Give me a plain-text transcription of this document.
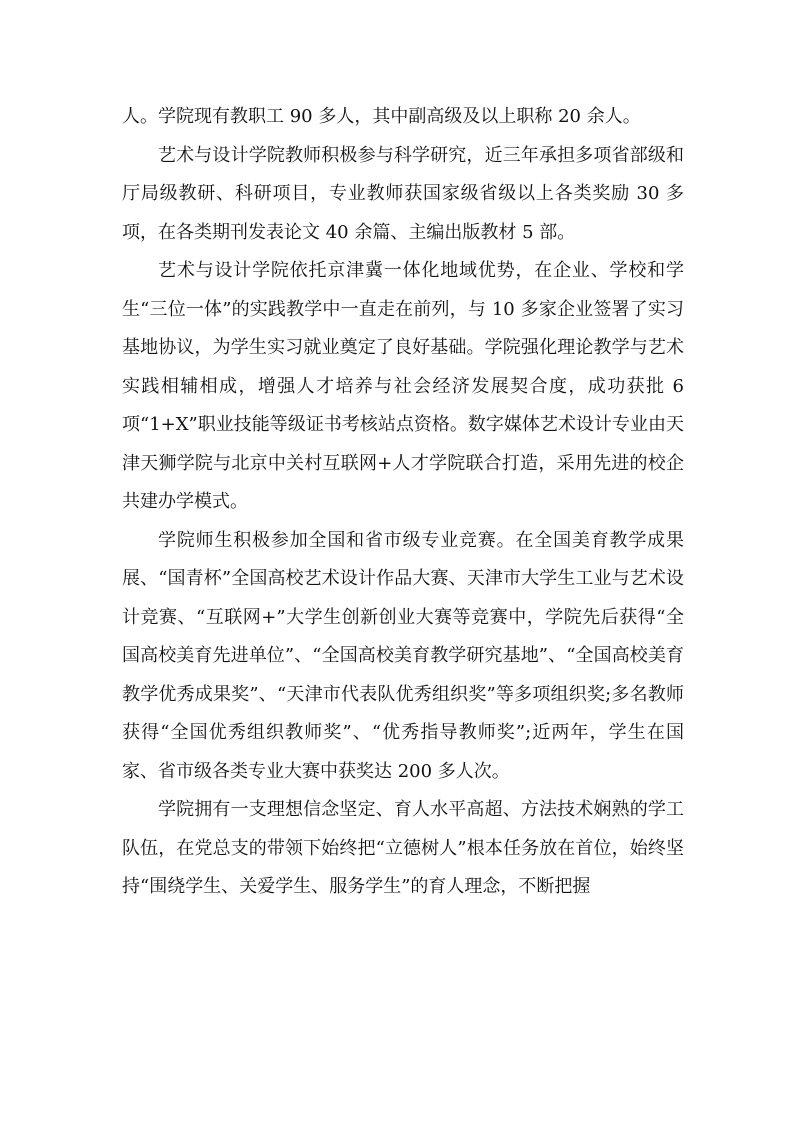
人。学院现有教职工 90 多人，其中副高级及以上职称 20 余人。

艺术与设计学院教师积极参与科学研究，近三年承担多项省部级和厅局级教研、科研项目，专业教师获国家级省级以上各类奖励 30 多项，在各类期刊发表论文 40 余篇、主编出版教材 5 部。

艺术与设计学院依托京津冀一体化地域优势，在企业、学校和学生“三位一体”的实践教学中一直走在前列，与 10 多家企业签署了实习基地协议，为学生实习就业奠定了良好基础。学院强化理论教学与艺术实践相辅相成，增强人才培养与社会经济发展契合度，成功获批 6 项“1+X”职业技能等级证书考核站点资格。数字媒体艺术设计专业由天津天狮学院与北京中关村互联网+人才学院联合打造，采用先进的校企共建办学模式。

学院师生积极参加全国和省市级专业竞赛。在全国美育教学成果展、“国青杯”全国高校艺术设计作品大赛、天津市大学生工业与艺术设计竞赛、“互联网+”大学生创新创业大赛等竞赛中，学院先后获得“全国高校美育先进单位”、“全国高校美育教学研究基地”、“全国高校美育教学优秀成果奖”、“天津市代表队优秀组织奖”等多项组织奖;多名教师获得“全国优秀组织教师奖”、“优秀指导教师奖”;近两年，学生在国家、省市级各类专业大赛中获奖达 200 多人次。

学院拥有一支理想信念坚定、育人水平高超、方法技术娴熟的学工队伍，在党总支的带领下始终把“立德树人”根本任务放在首位，始终坚持“围绕学生、关爱学生、服务学生”的育人理念，不断把握
